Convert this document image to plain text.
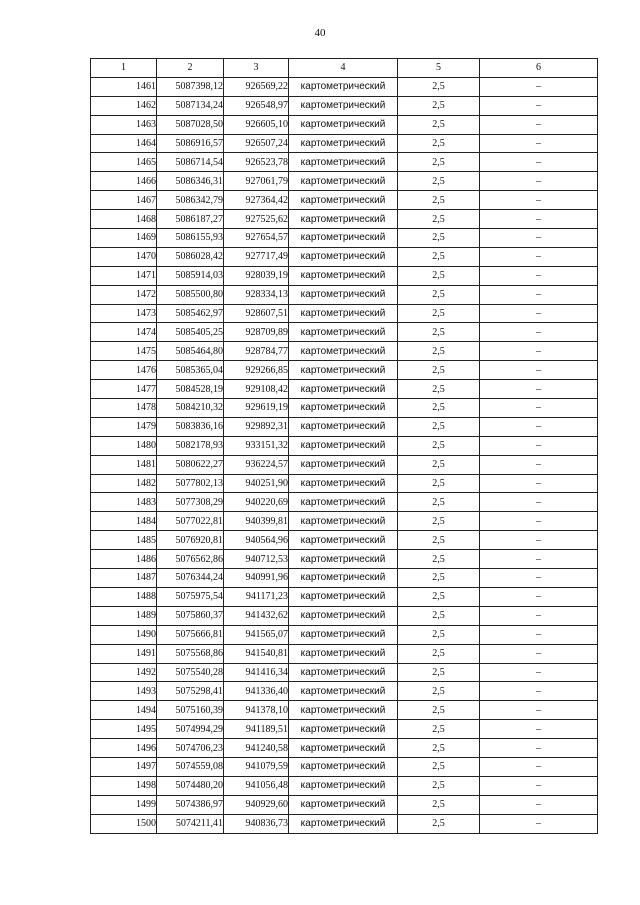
40
1	2	3	4	5	6
1461	5087398,12	926569,22	картометрический	2,5	–
1462	5087134,24	926548,97	картометрический	2,5	–
1463	5087028,50	926605,10	картометрический	2,5	–
1464	5086916,57	926507,24	картометрический	2,5	–
1465	5086714,54	926523,78	картометрический	2,5	–
1466	5086346,31	927061,79	картометрический	2,5	–
1467	5086342,79	927364,42	картометрический	2,5	–
1468	5086187,27	927525,62	картометрический	2,5	–
1469	5086155,93	927654,57	картометрический	2,5	–
1470	5086028,42	927717,49	картометрический	2,5	–
1471	5085914,03	928039,19	картометрический	2,5	–
1472	5085500,80	928334,13	картометрический	2,5	–
1473	5085462,97	928607,51	картометрический	2,5	–
1474	5085405,25	928709,89	картометрический	2,5	–
1475	5085464,80	928784,77	картометрический	2,5	–
1476	5085365,04	929266,85	картометрический	2,5	–
1477	5084528,19	929108,42	картометрический	2,5	–
1478	5084210,32	929619,19	картометрический	2,5	–
1479	5083836,16	929892,31	картометрический	2,5	–
1480	5082178,93	933151,32	картометрический	2,5	–
1481	5080622,27	936224,57	картометрический	2,5	–
1482	5077802,13	940251,90	картометрический	2,5	–
1483	5077308,29	940220,69	картометрический	2,5	–
1484	5077022,81	940399,81	картометрический	2,5	–
1485	5076920,81	940564,96	картометрический	2,5	–
1486	5076562,86	940712,53	картометрический	2,5	–
1487	5076344,24	940991,96	картометрический	2,5	–
1488	5075975,54	941171,23	картометрический	2,5	–
1489	5075860,37	941432,62	картометрический	2,5	–
1490	5075666,81	941565,07	картометрический	2,5	–
1491	5075568,86	941540,81	картометрический	2,5	–
1492	5075540,28	941416,34	картометрический	2,5	–
1493	5075298,41	941336,40	картометрический	2,5	–
1494	5075160,39	941378,10	картометрический	2,5	–
1495	5074994,29	941189,51	картометрический	2,5	–
1496	5074706,23	941240,58	картометрический	2,5	–
1497	5074559,08	941079,59	картометрический	2,5	–
1498	5074480,20	941056,48	картометрический	2,5	–
1499	5074386,97	940929,60	картометрический	2,5	–
1500	5074211,41	940836,73	картометрический	2,5	–
